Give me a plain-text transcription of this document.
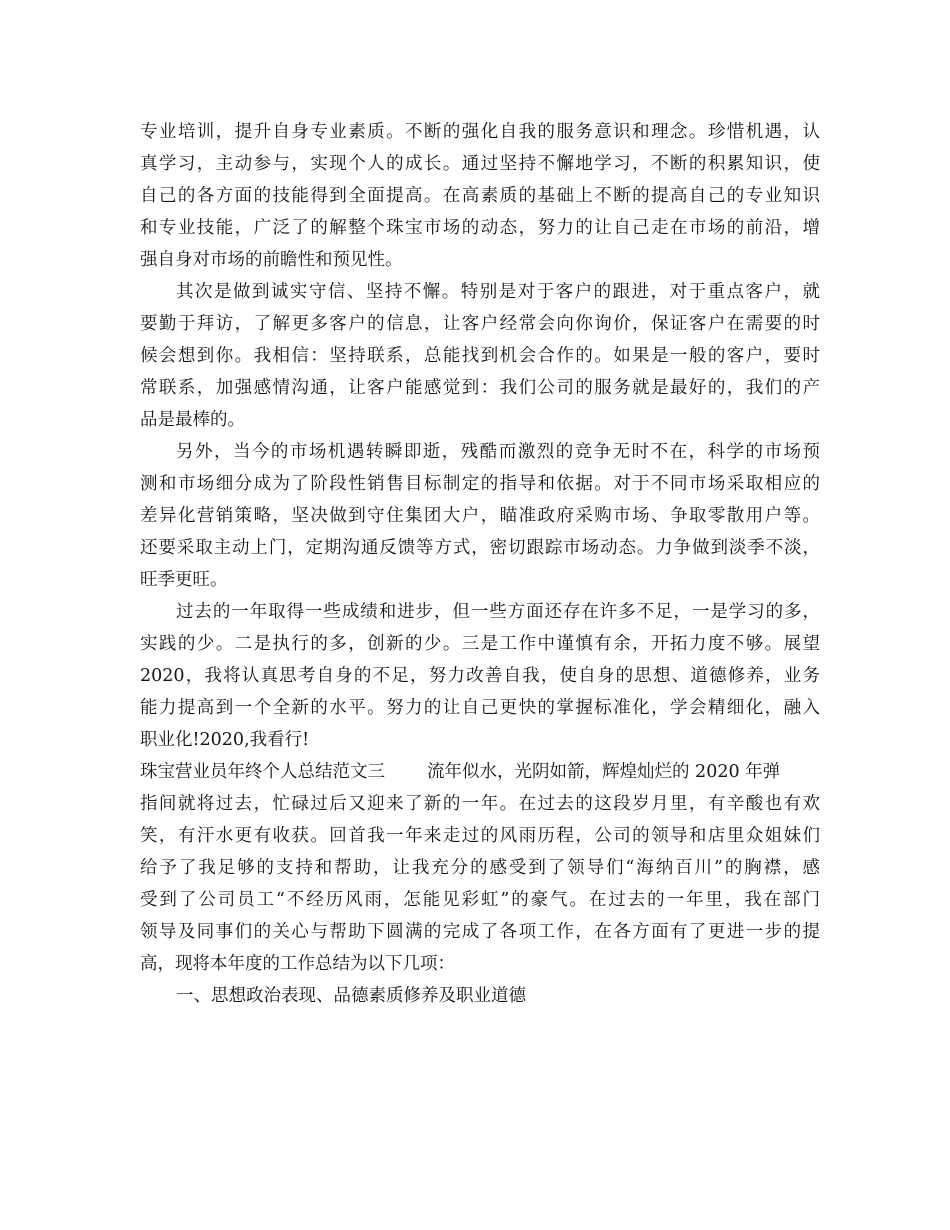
专业培训，提升自身专业素质。不断的强化自我的服务意识和理念。珍惜机遇，认
真学习，主动参与，实现个人的成长。通过坚持不懈地学习，不断的积累知识，使
自己的各方面的技能得到全面提高。在高素质的基础上不断的提高自己的专业知识
和专业技能，广泛了的解整个珠宝市场的动态，努力的让自己走在市场的前沿，增
强自身对市场的前瞻性和预见性。
其次是做到诚实守信、坚持不懈。特别是对于客户的跟进，对于重点客户，就
要勤于拜访，了解更多客户的信息，让客户经常会向你询价，保证客户在需要的时
候会想到你。我相信：坚持联系，总能找到机会合作的。如果是一般的客户，要时
常联系，加强感情沟通，让客户能感觉到：我们公司的服务就是最好的，我们的产
品是最棒的。
另外，当今的市场机遇转瞬即逝，残酷而激烈的竞争无时不在，科学的市场预
测和市场细分成为了阶段性销售目标制定的指导和依据。对于不同市场采取相应的
差异化营销策略，坚决做到守住集团大户，瞄准政府采购市场、争取零散用户等。
还要采取主动上门，定期沟通反馈等方式，密切跟踪市场动态。力争做到淡季不淡，
旺季更旺。
过去的一年取得一些成绩和进步，但一些方面还存在许多不足，一是学习的多，
实践的少。二是执行的多，创新的少。三是工作中谨慎有余，开拓力度不够。展望
2020，我将认真思考自身的不足，努力改善自我，使自身的思想、道德修养，业务
能力提高到一个全新的水平。努力的让自己更快的掌握标准化，学会精细化，融入
职业化!2020,我看行!
珠宝营业员年终个人总结范文三 流年似水，光阴如箭，辉煌灿烂的 2020 年弹
指间就将过去，忙碌过后又迎来了新的一年。在过去的这段岁月里，有辛酸也有欢
笑，有汗水更有收获。回首我一年来走过的风雨历程，公司的领导和店里众姐妹们
给予了我足够的支持和帮助，让我充分的感受到了领导们“海纳百川”的胸襟，感
受到了公司员工“不经历风雨，怎能见彩虹”的豪气。在过去的一年里，我在部门
领导及同事们的关心与帮助下圆满的完成了各项工作，在各方面有了更进一步的提
高，现将本年度的工作总结为以下几项：
一、思想政治表现、品德素质修养及职业道德
